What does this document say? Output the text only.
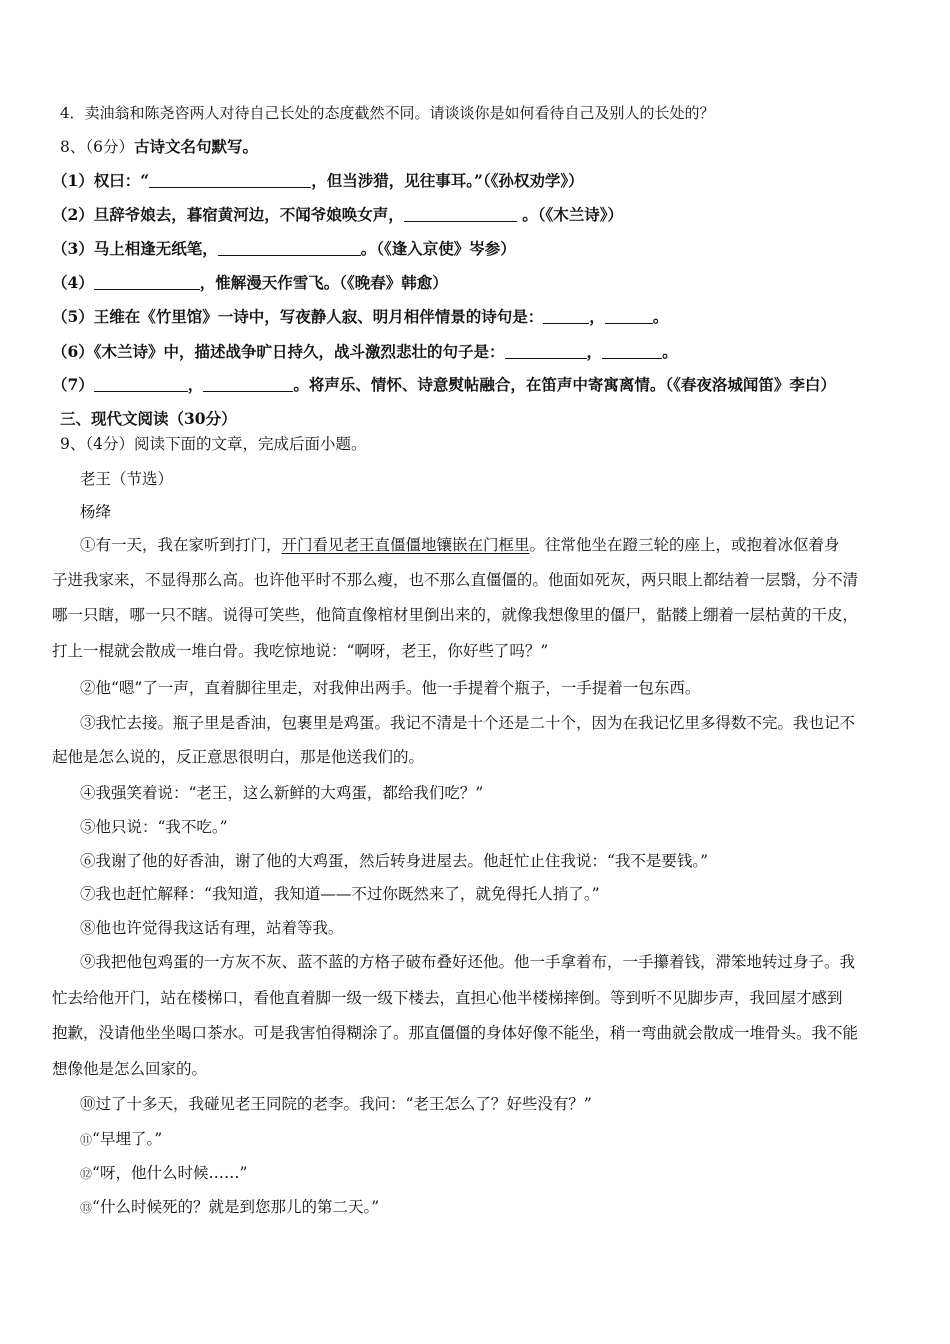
4．卖油翁和陈尧咨两人对待自己长处的态度截然不同。请谈谈你是如何看待自己及别人的长处的？
8、（6分）古诗文名句默写。
（1）权曰：“	，但当涉猎，见往事耳。”（《孙权劝学》）
（2）旦辞爷娘去，暮宿黄河边，不闻爷娘唤女声，	。（《木兰诗》）
（3）马上相逢无纸笔，	。（《逢入京使》岑参）
（4）	，惟解漫天作雪飞。（《晚春》韩愈）
（5）王维在《竹里馆》一诗中，写夜静人寂、明月相伴情景的诗句是：	，	。
（6）《木兰诗》中，描述战争旷日持久，战斗激烈悲壮的句子是：	，	。
（7）	，	。将声乐、情怀、诗意熨帖融合，在笛声中寄寓离情。（《春夜洛城闻笛》李白）
三、现代文阅读（30分）
9、（4分）阅读下面的文章，完成后面小题。
老王（节选）
杨绛
①有一天，我在家听到打门，开门看见老王直僵僵地镶嵌在门框里。往常他坐在蹬三轮的座上，或抱着冰伛着身
子进我家来，不显得那么高。也许他平时不那么瘦，也不那么直僵僵的。他面如死灰，两只眼上都结着一层翳，分不清
哪一只瞎，哪一只不瞎。说得可笑些，他简直像棺材里倒出来的，就像我想像里的僵尸，骷髅上绷着一层枯黄的干皮，
打上一棍就会散成一堆白骨。我吃惊地说：“啊呀，老王，你好些了吗？”
②他“嗯”了一声，直着脚往里走，对我伸出两手。他一手提着个瓶子，一手提着一包东西。
③我忙去接。瓶子里是香油，包裹里是鸡蛋。我记不清是十个还是二十个，因为在我记忆里多得数不完。我也记不
起他是怎么说的，反正意思很明白，那是他送我们的。
④我强笑着说：“老王，这么新鲜的大鸡蛋，都给我们吃？”
⑤他只说：“我不吃。”
⑥我谢了他的好香油，谢了他的大鸡蛋，然后转身进屋去。他赶忙止住我说：“我不是要钱。”
⑦我也赶忙解释：“我知道，我知道——不过你既然来了，就免得托人捎了。”
⑧他也许觉得我这话有理，站着等我。
⑨我把他包鸡蛋的一方灰不灰、蓝不蓝的方格子破布叠好还他。他一手拿着布，一手攥着钱，滞笨地转过身子。我
忙去给他开门，站在楼梯口，看他直着脚一级一级下楼去，直担心他半楼梯摔倒。等到听不见脚步声，我回屋才感到
抱歉，没请他坐坐喝口茶水。可是我害怕得糊涂了。那直僵僵的身体好像不能坐，稍一弯曲就会散成一堆骨头。我不能
想像他是怎么回家的。
⑩过了十多天，我碰见老王同院的老李。我问：“老王怎么了？好些没有？”
⑪“早埋了。”
⑫“呀，他什么时候……”
⑬“什么时候死的？就是到您那儿的第二天。”
